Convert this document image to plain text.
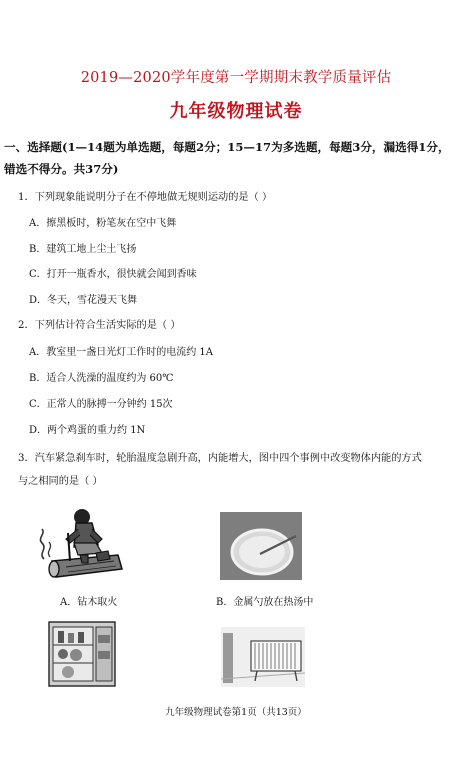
2019—2020学年度第一学期期末教学质量评估
九年级物理试卷
一、选择题(1—14题为单选题，每题2分；15—17为多选题，每题3分，漏选得1分，
错选不得分。共37分)
1．下列现象能说明分子在不停地做无规则运动的是（ ）
A．擦黑板时，粉笔灰在空中飞舞
B．建筑工地上尘土飞扬
C．打开一瓶香水，很快就会闻到香味
D．冬天，雪花漫天飞舞
2．下列估计符合生活实际的是（ ）
A．教室里一盏日光灯工作时的电流约 1A
B．适合人洗澡的温度约为 60℃
C．正常人的脉搏一分钟约 15次
D．两个鸡蛋的重力约 1N
3．汽车紧急刹车时，轮胎温度急剧升高，内能增大，图中四个事例中改变物体内能的方式
与之相同的是（ ）
A．钻木取火	B．金属勺放在热汤中
九年级物理试卷第1页（共13页）
